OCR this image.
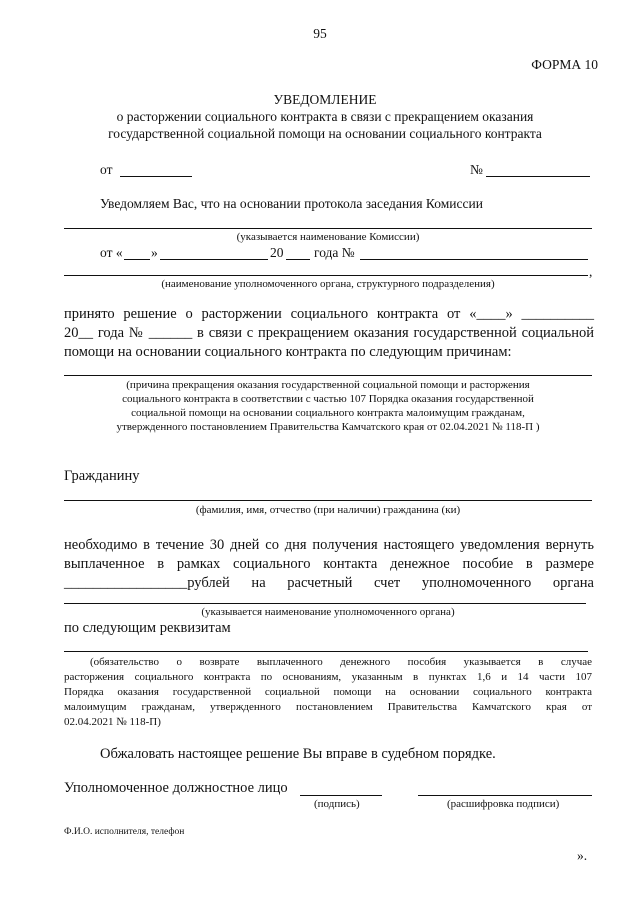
95
ФОРМА 10
УВЕДОМЛЕНИЕ
о расторжении социального контракта в связи с прекращением оказания
государственной социальной помощи на основании социального контракта
от	№
Уведомляем Вас, что на основании протокола заседания Комиссии
(указывается наименование Комиссии)
от « »	20 года №
,
(наименование уполномоченного органа, структурного подразделения)
принято решение о расторжении социального контракта от «____» __________
20__ года № ______ в связи с прекращением оказания государственной социальной
помощи на основании социального контракта по следующим причинам:
(причина прекращения оказания государственной социальной помощи и расторжения
социального контракта в соответствии с частью 107 Порядка оказания государственной
социальной помощи на основании социального контракта малоимущим гражданам,
утвержденного постановлением Правительства Камчатского края от 02.04.2021 № 118-П )
Гражданину
(фамилия, имя, отчество (при наличии) гражданина (ки)
необходимо в течение 30 дней со дня получения настоящего уведомления вернуть
выплаченное в рамках социального контакта денежное пособие в размере
_________________рублей на расчетный счет уполномоченного органа
(указывается наименование уполномоченного органа)
по следующим реквизитам
(обязательство о возврате выплаченного денежного пособия указывается в случае
расторжения социального контракта по основаниям, указанным в пунктах 1,6 и 14 части 107
Порядка оказания государственной социальной помощи на основании социального контракта
малоимущим гражданам, утвержденного постановлением Правительства Камчатского края от
02.04.2021 № 118-П)
Обжаловать настоящее решение Вы вправе в судебном порядке.
Уполномоченное должностное лицо
(подпись)	(расшифровка подписи)
Ф.И.О. исполнителя, телефон
».
